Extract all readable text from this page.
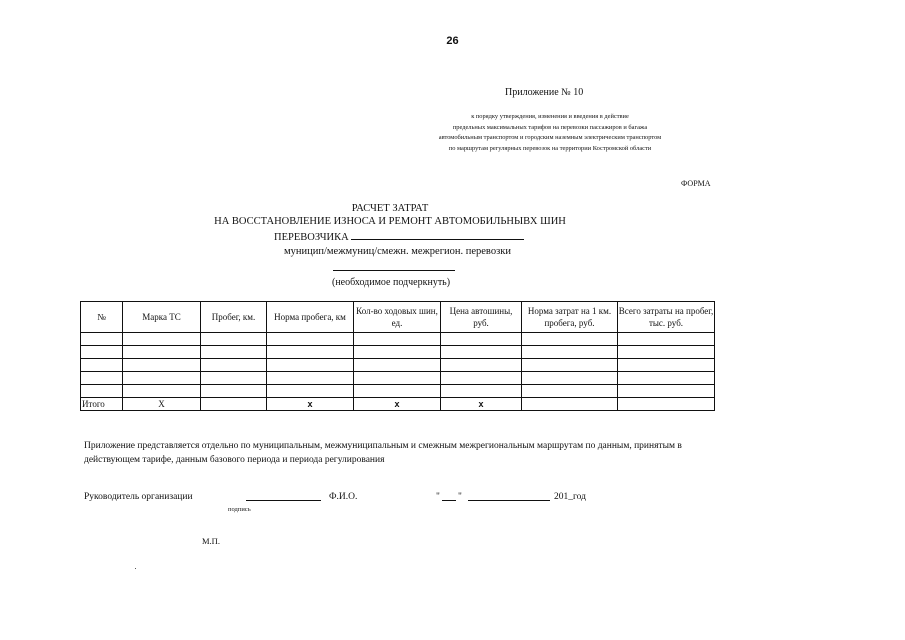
26
Приложение № 10
к порядку утверждения, изменения и введения в действие
предельных максимальных тарифов на перевозки пассажиров и багажа
автомобильным транспортом и городским наземным электрическим транспортом
по маршрутам регулярных перевозок на территории Костромской области
ФОРМА
РАСЧЕТ ЗАТРАТ
НА ВОССТАНОВЛЕНИЕ ИЗНОСА И РЕМОНТ АВТОМОБИЛЬНЫВХ ШИН
ПЕРЕВОЗЧИКА
муницип/межмуниц/смежн. межрегион. перевозки
(необходимое подчеркнуть)
№	Марка ТС	Пробег, км.	Норма пробега, км	Кол-во ходовых шин, ед.	Цена автошины, руб.	Норма затрат на 1 км. пробега, руб.	Всего затраты на пробег, тыс. руб.

Итого	Х		х	х	х		
Приложение представляется отдельно по муниципальным, межмуниципальным и смежным межрегиональным маршрутам по данным, принятым в действующем тарифе, данным базового периода и периода регулирования
Руководитель организации	Ф.И.О.
подпись
" "	201_год
М.П.
